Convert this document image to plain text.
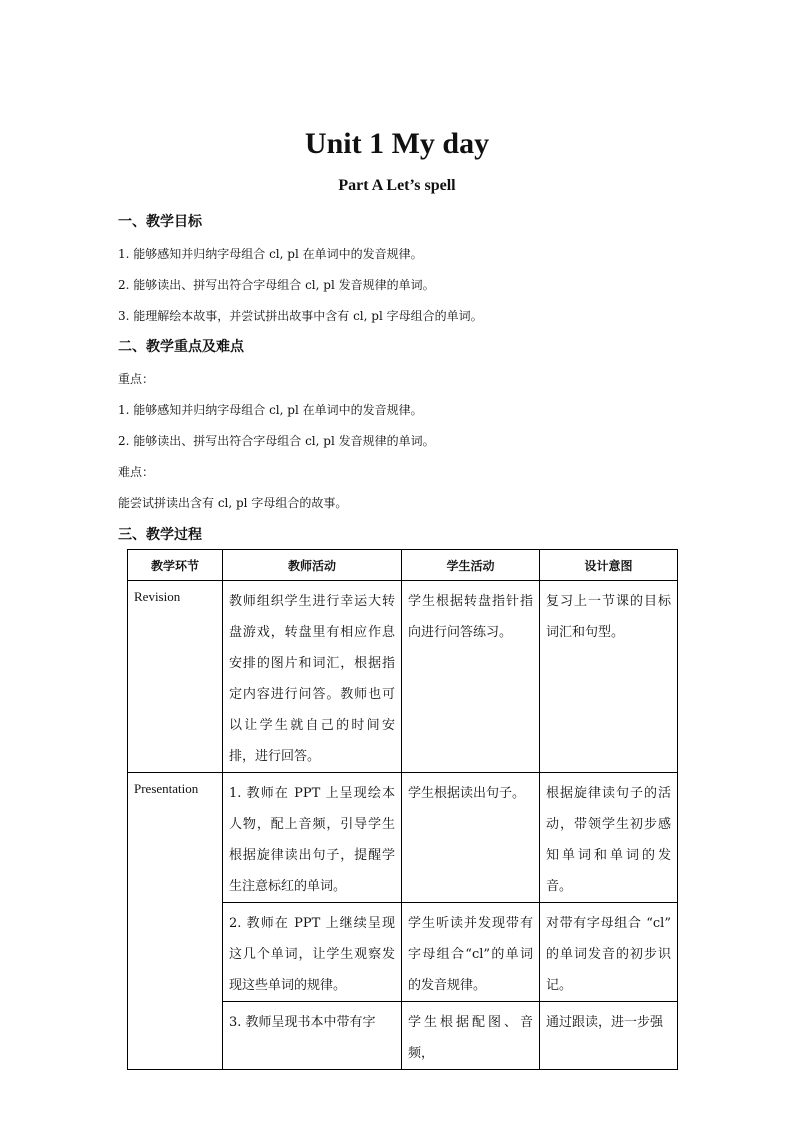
Unit 1 My day
Part A Let’s spell
一、教学目标
1. 能够感知并归纳字母组合 cl, pl 在单词中的发音规律。
2. 能够读出、拼写出符合字母组合 cl, pl 发音规律的单词。
3. 能理解绘本故事，并尝试拼出故事中含有 cl, pl 字母组合的单词。
二、教学重点及难点
重点：
1. 能够感知并归纳字母组合 cl, pl 在单词中的发音规律。
2. 能够读出、拼写出符合字母组合 cl, pl 发音规律的单词。
难点：
能尝试拼读出含有 cl, pl 字母组合的故事。
三、教学过程
教学环节	教师活动	学生活动	设计意图

Revision	教师组织学生进行幸运大转盘游戏，转盘里有相应作息安排的图片和词汇，根据指定内容进行问答。教师也可以让学生就自己的时间安排，进行回答。	学生根据转盘指针指向进行问答练习。	复习上一节课的目标词汇和句型。

Presentation	1. 教师在 PPT 上呈现绘本人物，配上音频，引导学生根据旋律读出句子，提醒学生注意标红的单词。	学生根据读出句子。	根据旋律读句子的活动，带领学生初步感知单词和单词的发音。

	2. 教师在 PPT 上继续呈现这几个单词，让学生观察发现这些单词的规律。	学生听读并发现带有字母组合“cl”的单词的发音规律。	对带有字母组合 “cl” 的单词发音的初步识记。

	3. 教师呈现书本中带有字	学生根据配图、音频，	通过跟读，进一步强
